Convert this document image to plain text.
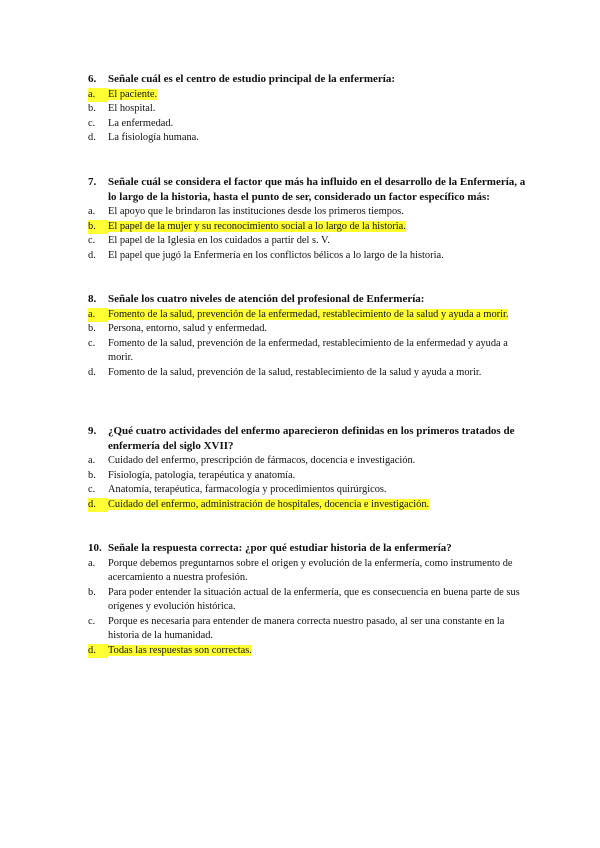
6.	Señale cuál es el centro de estudio principal de la enfermería:
a.	El paciente.
b.	El hospital.
c.	La enfermedad.
d.	La fisiología humana.
7.	Señale cuál se considera el factor que más ha influido en el desarrollo de la Enfermería, a lo largo de la historia, hasta el punto de ser, considerado un factor específico más:
a.	El apoyo que le brindaron las instituciones desde los primeros tiempos.
b.	El papel de la mujer y su reconocimiento social a lo largo de la historia.
c.	El papel de la Iglesia en los cuidados a partir del s. V.
d.	El papel que jugó la Enfermería en los conflictos bélicos a lo largo de la historia.
8.	Señale los cuatro niveles de atención del profesional de Enfermería:
a.	Fomento de la salud, prevención de la enfermedad, restablecimiento de la salud y ayuda a morir.
b.	Persona, entorno, salud y enfermedad.
c.	Fomento de la salud, prevención de la enfermedad, restablecimiento de la enfermedad y ayuda a morir.
d.	Fomento de la salud, prevención de la salud, restablecimiento de la salud y ayuda a morir.
9.	¿Qué cuatro actividades del enfermo aparecieron definidas en los primeros tratados de enfermería del siglo XVII?
a.	Cuidado del enfermo, prescripción de fármacos, docencia e investigación.
b.	Fisiología, patología, terapéutica y anatomía.
c.	Anatomía, terapéutica, farmacología y procedimientos quirúrgicos.
d.	Cuidado del enfermo, administración de hospitales, docencia e investigación.
10. Señale la respuesta correcta: ¿por qué estudiar historia de la enfermería?
a.	Porque debemos preguntarnos sobre el origen y evolución de la enfermería, como instrumento de acercamiento a nuestra profesión.
b.	Para poder entender la situación actual de la enfermería, que es consecuencia en buena parte de sus orígenes y evolución histórica.
c.	Porque es necesaria para entender de manera correcta nuestro pasado, al ser una constante en la historia de la humanidad.
d.	Todas las respuestas son correctas.
